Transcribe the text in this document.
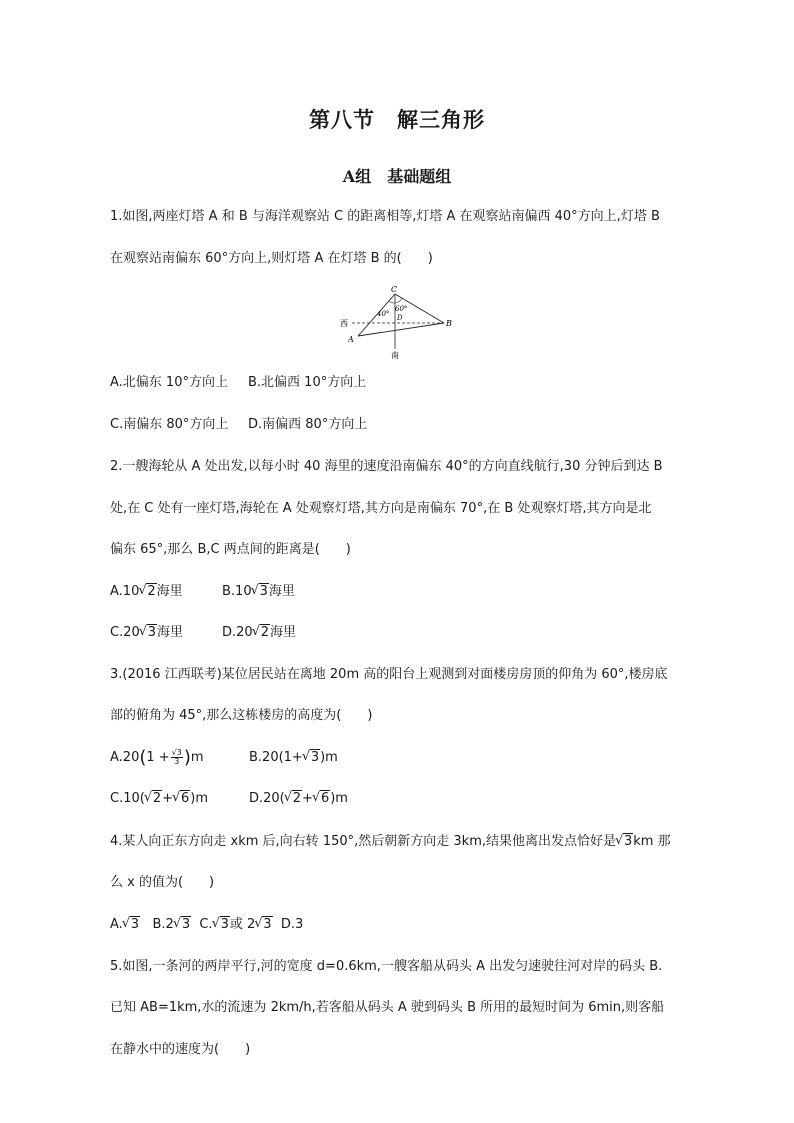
第八节　解三角形
A组　基础题组
1.如图,两座灯塔 A 和 B 与海洋观察站 C 的距离相等,灯塔 A 在观察站南偏西 40°方向上,灯塔 B
在观察站南偏东 60°方向上,则灯塔 A 在灯塔 B 的(　　)
C
A
B
D
西
南
40°
60°
A.北偏东 10°方向上 B.北偏西 10°方向上
C.南偏东 80°方向上 D.南偏西 80°方向上
2.一艘海轮从 A 处出发,以每小时 40 海里的速度沿南偏东 40°的方向直线航行,30 分钟后到达 B
处,在 C 处有一座灯塔,海轮在 A 处观察灯塔,其方向是南偏东 70°,在 B 处观察灯塔,其方向是北
偏东 65°,那么 B,C 两点间的距离是(　　)
A.10 √ 2海里	B.10 √ 3海里
C.20 √ 3海里	D.20 √ 2海里
3.(2016 江西联考)某位居民站在离地 20m 高的阳台上观测到对面楼房房顶的仰角为 60°,楼房底
部的俯角为 45°,那么这栋楼房的高度为(　　)
$A.20(1 + \frac{√3}{3} )m$	B.20(1+ √ 3)m
C.10( √ 2+ √ 6)m	D.20( √ 2+ √ 6)m
4.某人向正东方向走 xkm 后,向右转 150°,然后朝新方向走 3km,结果他离出发点恰好是 √ 3km 那
么 x 的值为(　　)
A. √ 3 B.2 √ 3 C. √ 3或 2 √ 3 D.3
5.如图,一条河的两岸平行,河的宽度 d=0.6km,一艘客船从码头 A 出发匀速驶往河对岸的码头 B.
已知 AB=1km,水的流速为 2km/h,若客船从码头 A 驶到码头 B 所用的最短时间为 6min,则客船
在静水中的速度为(　　)
